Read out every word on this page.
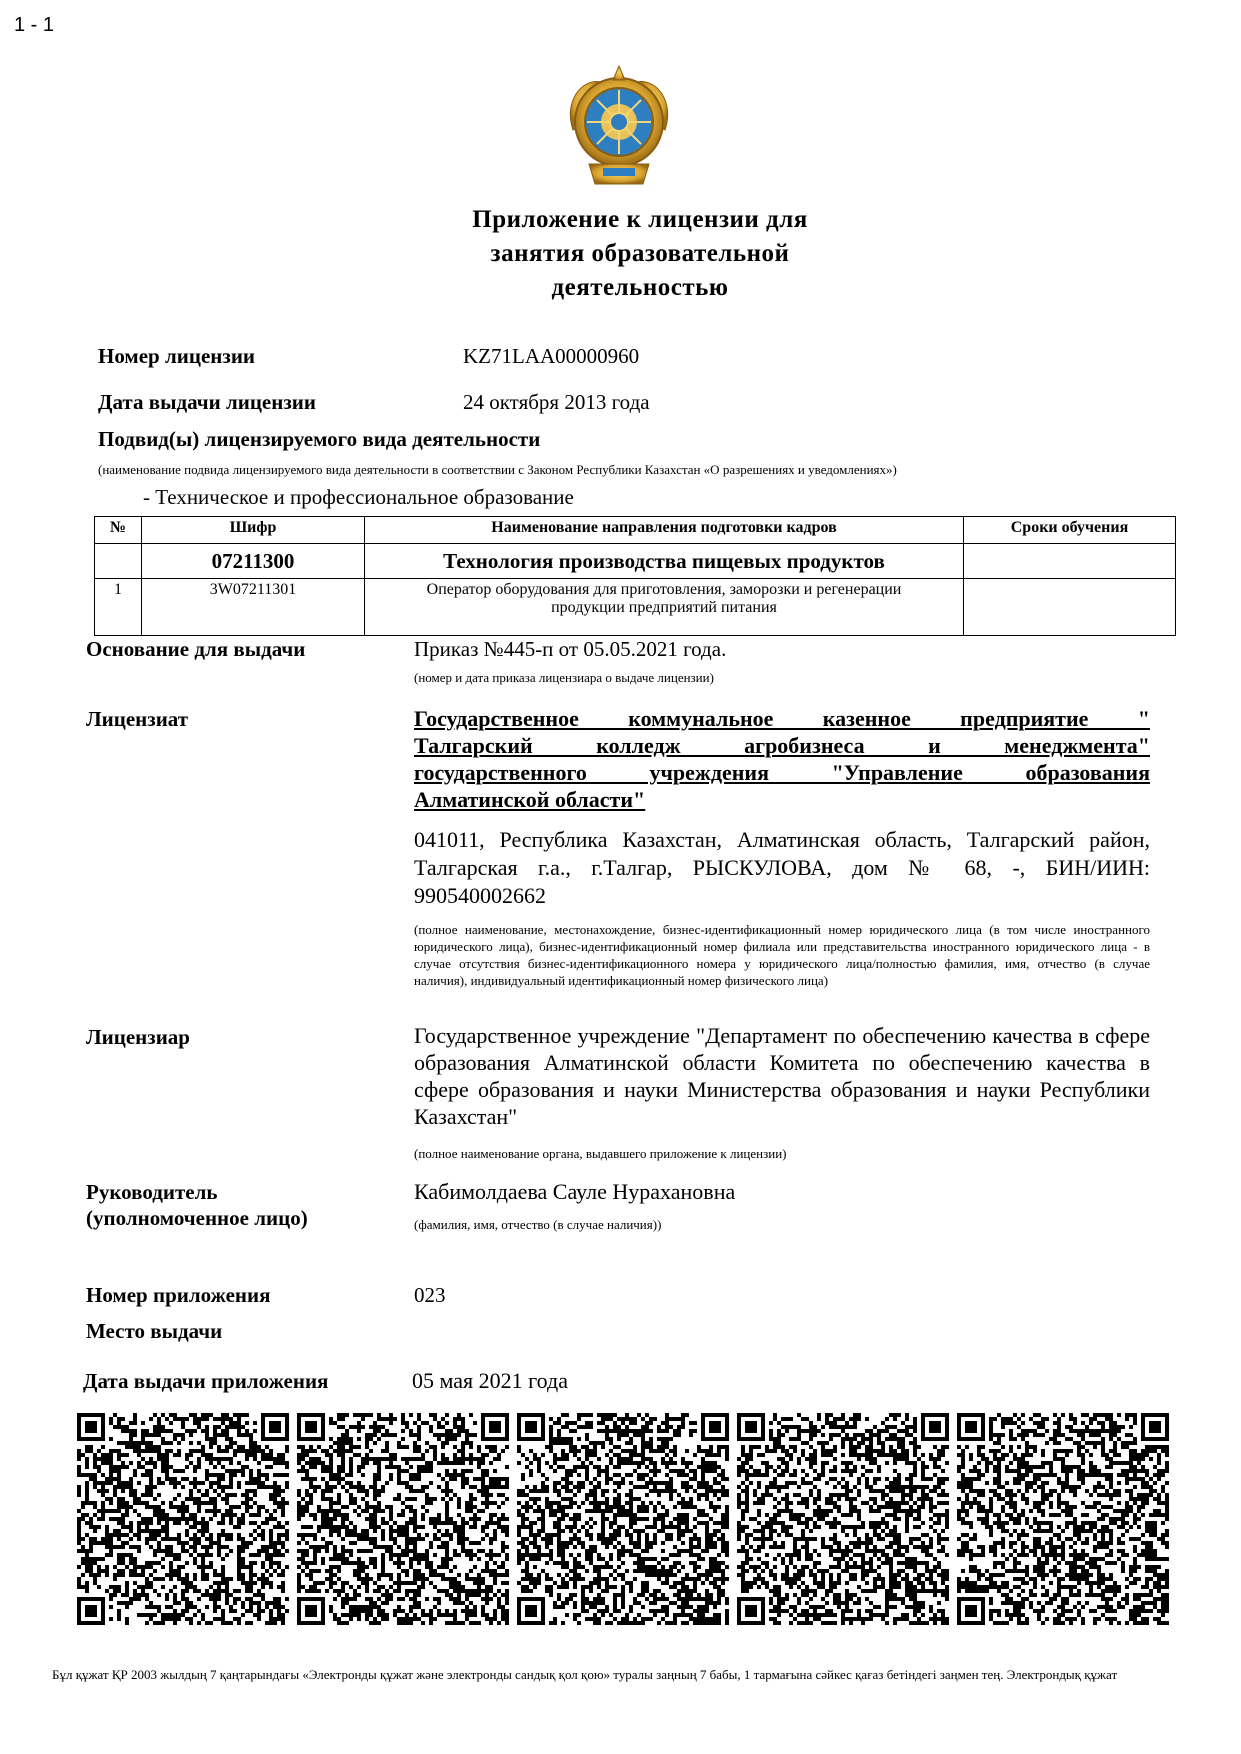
1 - 1
Приложение к лицензии для
занятия образовательной
деятельностью
Номер лицензии	KZ71LAA00000960
Дата выдачи лицензии	24 октября 2013 года
Подвид(ы) лицензируемого вида деятельности
(наименование подвида лицензируемого вида деятельности в соответствии с Законом Республики Казахстан «О разрешениях и уведомлениях»)
- Техническое и профессиональное образование
№	Шифр	Наименование направления подготовки кадров	Сроки обучения
	07211300	Технология производства пищевых продуктов	
1	3W07211301	Оператор оборудования для приготовления, заморозки и регенерации
продукции предприятий питания	

Основание для выдачи	Приказ №445-п от 05.05.2021 года.
(номер и дата приказа лицензиара о выдаче лицензии)
Лицензиат	Государственное коммунальное казенное предприятие "
Талгарский колледж агробизнеса и менеджмента"
государственного учреждения "Управление образования
Алматинской области"
041011, Республика Казахстан, Алматинская область, Талгарский район,
Талгарская г.а., г.Талгар, РЫСКУЛОВА, дом № 68, -, БИН/ИИН:
990540002662
(полное наименование, местонахождение, бизнес-идентификационный номер юридического лица (в том числе иностранного юридического лица), бизнес-идентификационный номер филиала или представительства иностранного юридического лица - в случае отсутствия бизнес-идентификационного номера у юридического лица/полностью фамилия, имя, отчество (в случае наличия), индивидуальный идентификационный номер физического лица)
Лицензиар	Государственное учреждение "Департамент по обеспечению качества в сфере образования Алматинской области Комитета по обеспечению качества в сфере образования и науки Министерства образования и науки Республики Казахстан"
(полное наименование органа, выдавшего приложение к лицензии)
Руководитель
(уполномоченное лицо)
Кабимолдаева Сауле Нурахановна
(фамилия, имя, отчество (в случае наличия))
Номер приложения	023
Место выдачи
Дата выдачи приложения	05 мая 2021 года
Бұл құжат ҚР 2003 жылдың 7 қаңтарындағы «Электронды құжат және электронды сандық қол қою» туралы заңның 7 бабы, 1 тармағына сәйкес қағаз бетіндегі заңмен тең. Электрондық құжат
